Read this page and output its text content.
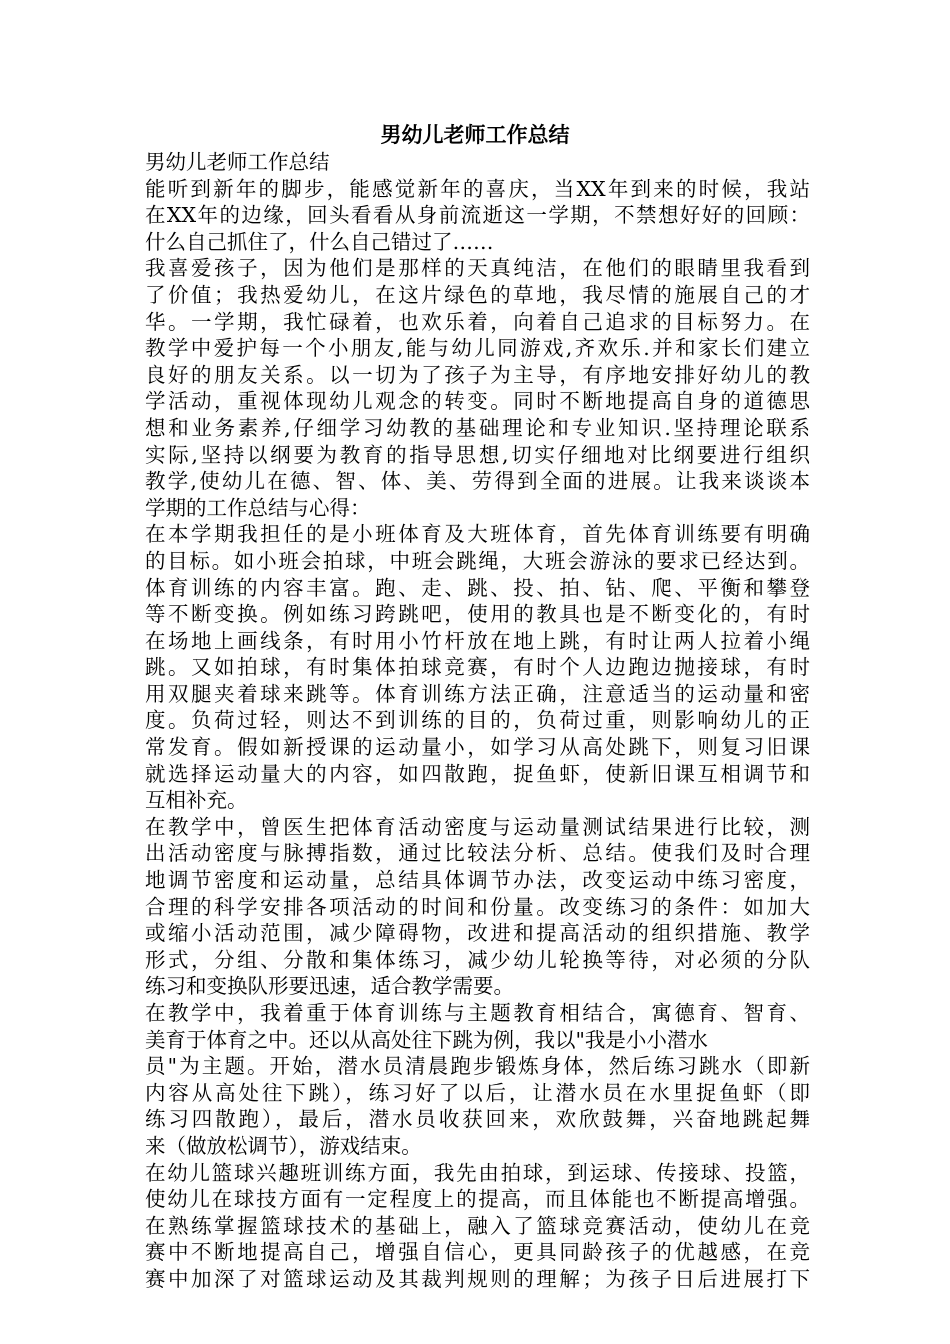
男幼儿老师工作总结
男幼儿老师工作总结
能听到新年的脚步，能感觉新年的喜庆，当XX年到来的时候，我站
在XX年的边缘，回头看看从身前流逝这一学期，不禁想好好的回顾：
什么自己抓住了，什么自己错过了……
我喜爱孩子，因为他们是那样的天真纯洁，在他们的眼睛里我看到
了价值；我热爱幼儿，在这片绿色的草地，我尽情的施展自己的才
华。一学期，我忙碌着，也欢乐着，向着自己追求的目标努力。在
教学中爱护每一个小朋友,能与幼儿同游戏,齐欢乐.并和家长们建立
良好的朋友关系。以一切为了孩子为主导，有序地安排好幼儿的教
学活动，重视体现幼儿观念的转变。同时不断地提高自身的道德思
想和业务素养,仔细学习幼教的基础理论和专业知识.坚持理论联系
实际,坚持以纲要为教育的指导思想,切实仔细地对比纲要进行组织
教学,使幼儿在德、智、体、美、劳得到全面的进展。让我来谈谈本
学期的工作总结与心得：
在本学期我担任的是小班体育及大班体育，首先体育训练要有明确
的目标。如小班会拍球，中班会跳绳，大班会游泳的要求已经达到。
体育训练的内容丰富。跑、走、跳、投、拍、钻、爬、平衡和攀登
等不断变换。例如练习跨跳吧，使用的教具也是不断变化的，有时
在场地上画线条，有时用小竹杆放在地上跳，有时让两人拉着小绳
跳。又如拍球，有时集体拍球竞赛，有时个人边跑边抛接球，有时
用双腿夹着球来跳等。体育训练方法正确，注意适当的运动量和密
度。负荷过轻，则达不到训练的目的，负荷过重，则影响幼儿的正
常发育。假如新授课的运动量小，如学习从高处跳下，则复习旧课
就选择运动量大的内容，如四散跑，捉鱼虾，使新旧课互相调节和
互相补充。
在教学中，曾医生把体育活动密度与运动量测试结果进行比较，测
出活动密度与脉搏指数，通过比较法分析、总结。使我们及时合理
地调节密度和运动量，总结具体调节办法，改变运动中练习密度，
合理的科学安排各项活动的时间和份量。改变练习的条件：如加大
或缩小活动范围，减少障碍物，改进和提高活动的组织措施、教学
形式，分组、分散和集体练习，减少幼儿轮换等待，对必须的分队
练习和变换队形要迅速，适合教学需要。
在教学中，我着重于体育训练与主题教育相结合，寓德育、智育、
美育于体育之中。还以从高处往下跳为例，我以"我是小小潜水
员"为主题。开始，潜水员清晨跑步锻炼身体，然后练习跳水（即新
内容从高处往下跳），练习好了以后，让潜水员在水里捉鱼虾（即
练习四散跑），最后，潜水员收获回来，欢欣鼓舞，兴奋地跳起舞
来（做放松调节），游戏结束。
在幼儿篮球兴趣班训练方面，我先由拍球，到运球、传接球、投篮，
使幼儿在球技方面有一定程度上的提高，而且体能也不断提高增强。
在熟练掌握篮球技术的基础上，融入了篮球竞赛活动，使幼儿在竞
赛中不断地提高自己，增强自信心，更具同龄孩子的优越感，在竞
赛中加深了对篮球运动及其裁判规则的理解；为孩子日后进展打下
